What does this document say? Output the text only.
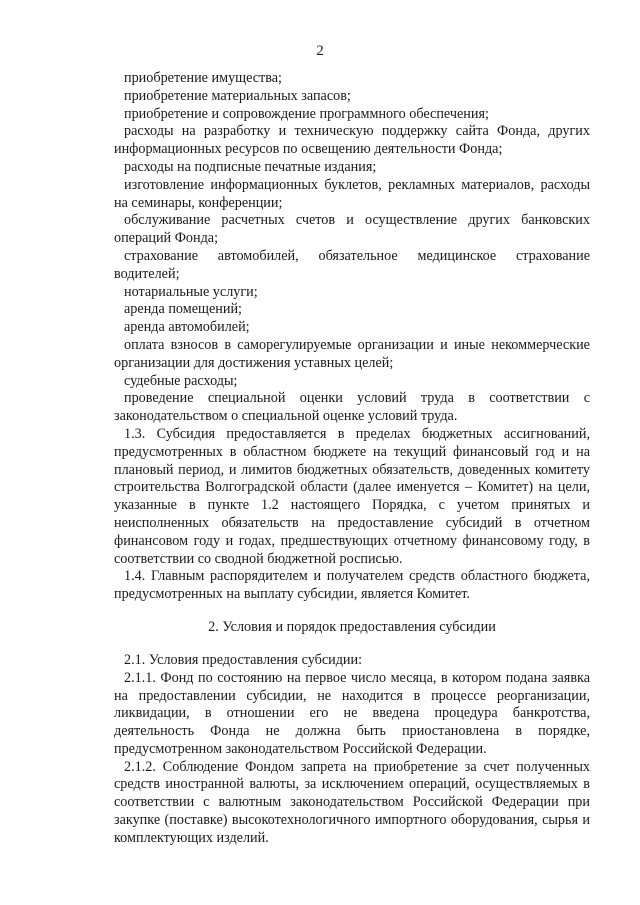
2

приобретение имущества;

приобретение материальных запасов;

приобретение и сопровождение программного обеспечения;

расходы на разработку и техническую поддержку сайта Фонда, других информационных ресурсов по освещению деятельности Фонда;

расходы на подписные печатные издания;

изготовление информационных буклетов, рекламных материалов, расходы на семинары, конференции;

обслуживание расчетных счетов и осуществление других банковских операций Фонда;

страхование автомобилей, обязательное медицинское страхование водителей;

нотариальные услуги;

аренда помещений;

аренда автомобилей;

оплата взносов в саморегулируемые организации и иные некоммерческие организации для достижения уставных целей;

судебные расходы;

проведение специальной оценки условий труда в соответствии с законодательством о специальной оценке условий труда.

1.3. Субсидия предоставляется в пределах бюджетных ассигнований, предусмотренных в областном бюджете на текущий финансовый год и на плановый период, и лимитов бюджетных обязательств, доведенных комитету строительства Волгоградской области (далее именуется – Комитет) на цели, указанные в пункте 1.2 настоящего Порядка, с учетом принятых и неисполненных обязательств на предоставление субсидий в отчетном финансовом году и годах, предшествующих отчетному финансовому году, в соответствии со сводной бюджетной росписью.

1.4. Главным распорядителем и получателем средств областного бюджета, предусмотренных на выплату субсидии, является Комитет.

2. Условия и порядок предоставления субсидии

2.1. Условия предоставления субсидии:

2.1.1. Фонд по состоянию на первое число месяца, в котором подана заявка на предоставлении субсидии, не находится в процессе реорганизации, ликвидации, в отношении его не введена процедура банкротства, деятельность Фонда не должна быть приостановлена в порядке, предусмотренном законодательством Российской Федерации.

2.1.2. Соблюдение Фондом запрета на приобретение за счет полученных средств иностранной валюты, за исключением операций, осуществляемых в соответствии с валютным законодательством Российской Федерации при закупке (поставке) высокотехнологичного импортного оборудования, сырья и комплектующих изделий.
